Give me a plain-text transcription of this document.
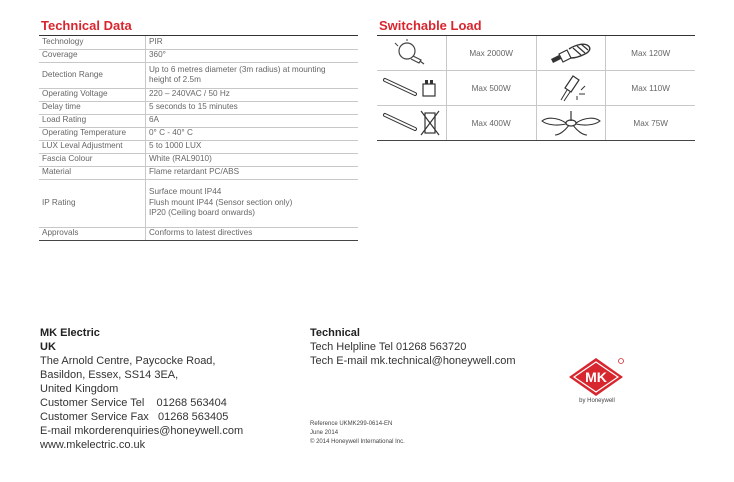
Technical Data
Technology	PIR

Coverage	360°

Detection Range	Up to 6 metres diameter (3m radius) at mounting
height of 2.5m

Operating Voltage	220 – 240VAC / 50 Hz

Delay time	5 seconds to 15 minutes

Load Rating	6A

Operating Temperature	0° C - 40° C

LUX Leval Adjustment	5 to 1000 LUX

Fascia Colour	White (RAL9010)

Material	Flame retardant PC/ABS

IP Rating	Surface mount IP44
Flush mount IP44 (Sensor section only)
IP20 (Ceiling board onwards)

Approvals	Conforms to latest directives
Switchable Load
	Max 2000W		Max 120W

	Max 500W		Max 110W

	Max 400W		Max 75W
MK Electric
UK
The Arnold Centre, Paycocke Road,
Basildon, Essex, SS14 3EA,
United Kingdom
Customer Service Tel    01268 563404
Customer Service Fax   01268 563405
E-mail mkorderenquiries@honeywell.com
www.mkelectric.co.uk
Technical
Tech Helpline Tel 01268 563720
Tech E-mail mk.technical@honeywell.com
Reference UKMK299-0614-EN
June 2014
© 2014 Honeywell International Inc.
MK
by Honeywell
